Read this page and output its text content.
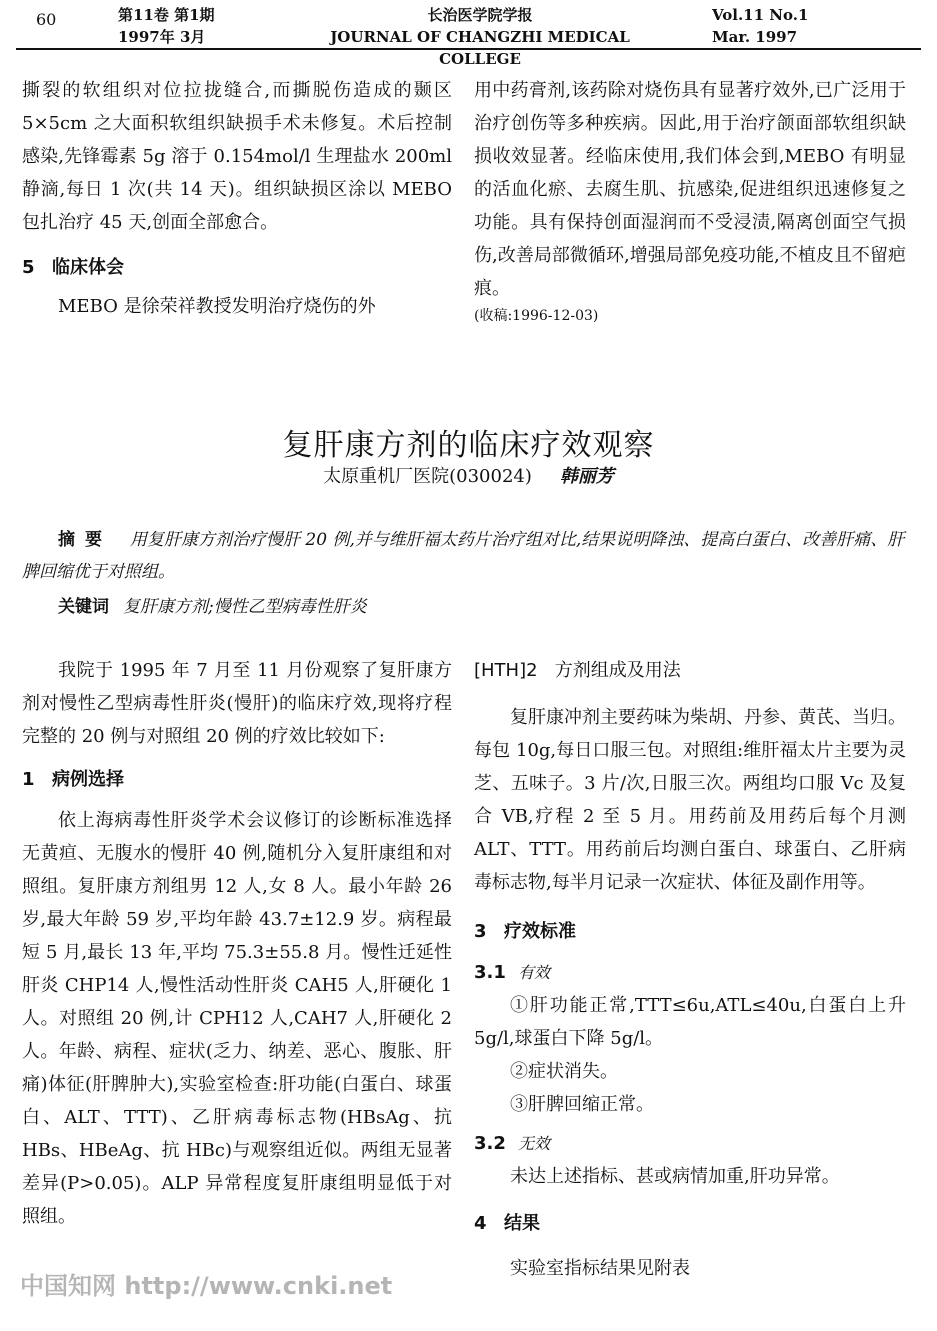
60	第11卷 第1期
1997年 3月
长治医学院学报
JOURNAL OF CHANGZHI MEDICAL COLLEGE
Vol.11 No.1
Mar. 1997

撕裂的软组织对位拉拢缝合,而撕脱伤造成的颞区 5×5cm 之大面积软组织缺损手术未修复。术后控制感染,先锋霉素 5g 溶于 0.154mol/l 生理盐水 200ml 静滴,每日 1 次(共 14 天)。组织缺损区涂以 MEBO 包扎治疗 45 天,创面全部愈合。

5 临床体会

MEBO 是徐荣祥教授发明治疗烧伤的外

用中药膏剂,该药除对烧伤具有显著疗效外,已广泛用于治疗创伤等多种疾病。因此,用于治疗颌面部软组织缺损收效显著。经临床使用,我们体会到,MEBO 有明显的活血化瘀、去腐生肌、抗感染,促进组织迅速修复之功能。具有保持创面湿润而不受浸渍,隔离创面空气损伤,改善局部微循环,增强局部免疫功能,不植皮且不留疤痕。

(收稿:1996-12-03)

复肝康方剂的临床疗效观察
太原重机厂医院(030024) 韩丽芳
摘要 用复肝康方剂治疗慢肝 20 例,并与维肝福太药片治疗组对比,结果说明降浊、提高白蛋白、改善肝痛、肝脾回缩优于对照组。
关键词 复肝康方剂;慢性乙型病毒性肝炎

我院于 1995 年 7 月至 11 月份观察了复肝康方剂对慢性乙型病毒性肝炎(慢肝)的临床疗效,现将疗程完整的 20 例与对照组 20 例的疗效比较如下:

1 病例选择

依上海病毒性肝炎学术会议修订的诊断标准选择无黄疸、无腹水的慢肝 40 例,随机分入复肝康组和对照组。复肝康方剂组男 12 人,女 8 人。最小年龄 26 岁,最大年龄 59 岁,平均年龄 43.7±12.9 岁。病程最短 5 月,最长 13 年,平均 75.3±55.8 月。慢性迁延性肝炎 CHP14 人,慢性活动性肝炎 CAH5 人,肝硬化 1 人。对照组 20 例,计 CPH12 人,CAH7 人,肝硬化 2 人。年龄、病程、症状(乏力、纳差、恶心、腹胀、肝痛)体征(肝脾肿大),实验室检查:肝功能(白蛋白、球蛋白、ALT、TTT)、乙肝病毒标志物(HBsAg、抗 HBs、HBeAg、抗 HBc)与观察组近似。两组无显著差异(P>0.05)。ALP 异常程度复肝康组明显低于对照组。

[HTH]2 方剂组成及用法

复肝康冲剂主要药味为柴胡、丹参、黄芪、当归。每包 10g,每日口服三包。对照组:维肝福太片主要为灵芝、五味子。3 片/次,日服三次。两组均口服 Vc 及复合 VB,疗程 2 至 5 月。用药前及用药后每个月测 ALT、TTT。用药前后均测白蛋白、球蛋白、乙肝病毒标志物,每半月记录一次症状、体征及副作用等。

3 疗效标准
3.1 有效

①肝功能正常,TTT≤6u,ATL≤40u,白蛋白上升 5g/l,球蛋白下降 5g/l。

②症状消失。

③肝脾回缩正常。

3.2 无效

未达上述指标、甚或病情加重,肝功异常。

4 结果

实验室指标结果见附表

中国知网 http://www.cnki.net
